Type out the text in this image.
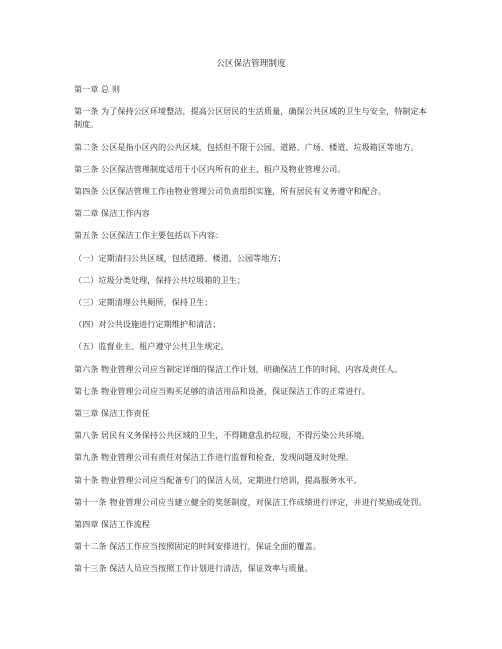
公区保洁管理制度

第一章 总 则

第一条 为了保持公区环境整洁，提高公区居民的生活质量，确保公共区域的卫生与安全，特制定本制度。

第二条 公区是指小区内的公共区域，包括但不限于公园、道路、广场、楼道、垃圾箱区等地方。

第三条 公区保洁管理制度适用于小区内所有的业主、租户及物业管理公司。

第四条 公区保洁管理工作由物业管理公司负责组织实施，所有居民有义务遵守和配合。

第二章 保洁工作内容

第五条 公区保洁工作主要包括以下内容：

（一）定期清扫公共区域，包括道路、楼道、公园等地方；

（二）垃圾分类处理，保持公共垃圾箱的卫生；

（三）定期清理公共厕所，保持卫生；

（四）对公共设施进行定期维护和清洁；

（五）监督业主、租户遵守公共卫生规定。

第六条 物业管理公司应当制定详细的保洁工作计划，明确保洁工作的时间、内容及责任人。

第七条 物业管理公司应当购买足够的清洁用品和设备，保证保洁工作的正常进行。

第三章 保洁工作责任

第八条 居民有义务保持公共区域的卫生，不得随意乱扔垃圾，不得污染公共环境。

第九条 物业管理公司有责任对保洁工作进行监督和检查，发现问题及时处理。

第十条 物业管理公司应当配备专门的保洁人员，定期进行培训，提高服务水平。

第十一条 物业管理公司应当建立健全的奖惩制度，对保洁工作成绩进行评定，并进行奖励或处罚。

第四章 保洁工作流程

第十二条 保洁工作应当按照固定的时间安排进行，保证全面的覆盖。

第十三条 保洁人员应当按照工作计划进行清洁，保证效率与质量。
